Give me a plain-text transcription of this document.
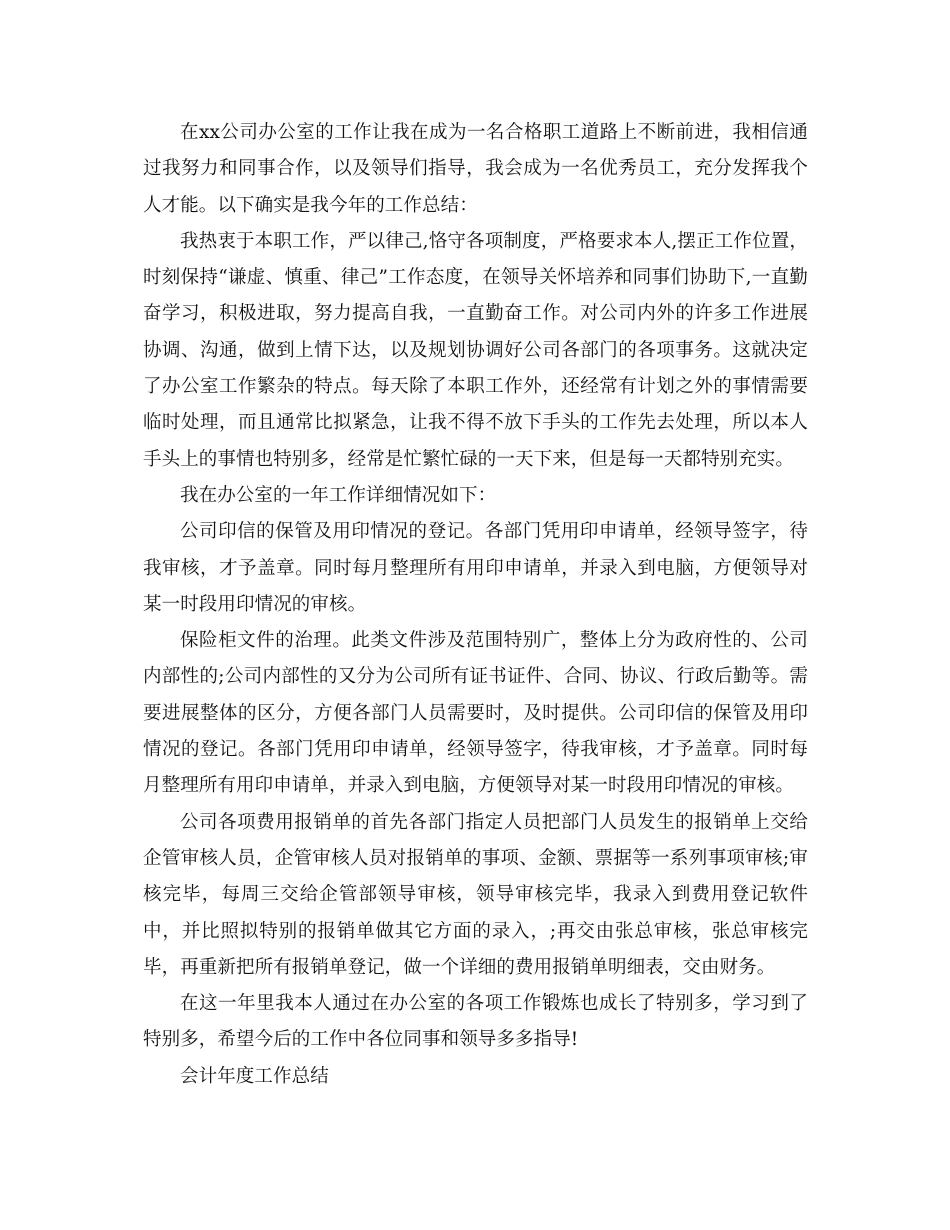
在xx公司办公室的工作让我在成为一名合格职工道路上不断前进，我相信通过我努力和同事合作，以及领导们指导，我会成为一名优秀员工，充分发挥我个人才能。以下确实是我今年的工作总结：

我热衷于本职工作，严以律己,恪守各项制度，严格要求本人,摆正工作位置，时刻保持“谦虚、慎重、律己”工作态度，在领导关怀培养和同事们协助下,一直勤奋学习，积极进取，努力提高自我，一直勤奋工作。对公司内外的许多工作进展协调、沟通，做到上情下达，以及规划协调好公司各部门的各项事务。这就决定了办公室工作繁杂的特点。每天除了本职工作外，还经常有计划之外的事情需要临时处理，而且通常比拟紧急，让我不得不放下手头的工作先去处理，所以本人手头上的事情也特别多，经常是忙繁忙碌的一天下来，但是每一天都特别充实。

我在办公室的一年工作详细情况如下：

公司印信的保管及用印情况的登记。各部门凭用印申请单，经领导签字，待我审核，才予盖章。同时每月整理所有用印申请单，并录入到电脑，方便领导对某一时段用印情况的审核。

保险柜文件的治理。此类文件涉及范围特别广，整体上分为政府性的、公司内部性的;公司内部性的又分为公司所有证书证件、合同、协议、行政后勤等。需要进展整体的区分，方便各部门人员需要时，及时提供。公司印信的保管及用印情况的登记。各部门凭用印申请单，经领导签字，待我审核，才予盖章。同时每月整理所有用印申请单，并录入到电脑，方便领导对某一时段用印情况的审核。

公司各项费用报销单的首先各部门指定人员把部门人员发生的报销单上交给企管审核人员，企管审核人员对报销单的事项、金额、票据等一系列事项审核;审核完毕，每周三交给企管部领导审核，领导审核完毕，我录入到费用登记软件中，并比照拟特别的报销单做其它方面的录入，;再交由张总审核，张总审核完毕，再重新把所有报销单登记，做一个详细的费用报销单明细表，交由财务。

在这一年里我本人通过在办公室的各项工作锻炼也成长了特别多，学习到了特别多，希望今后的工作中各位同事和领导多多指导!

会计年度工作总结
